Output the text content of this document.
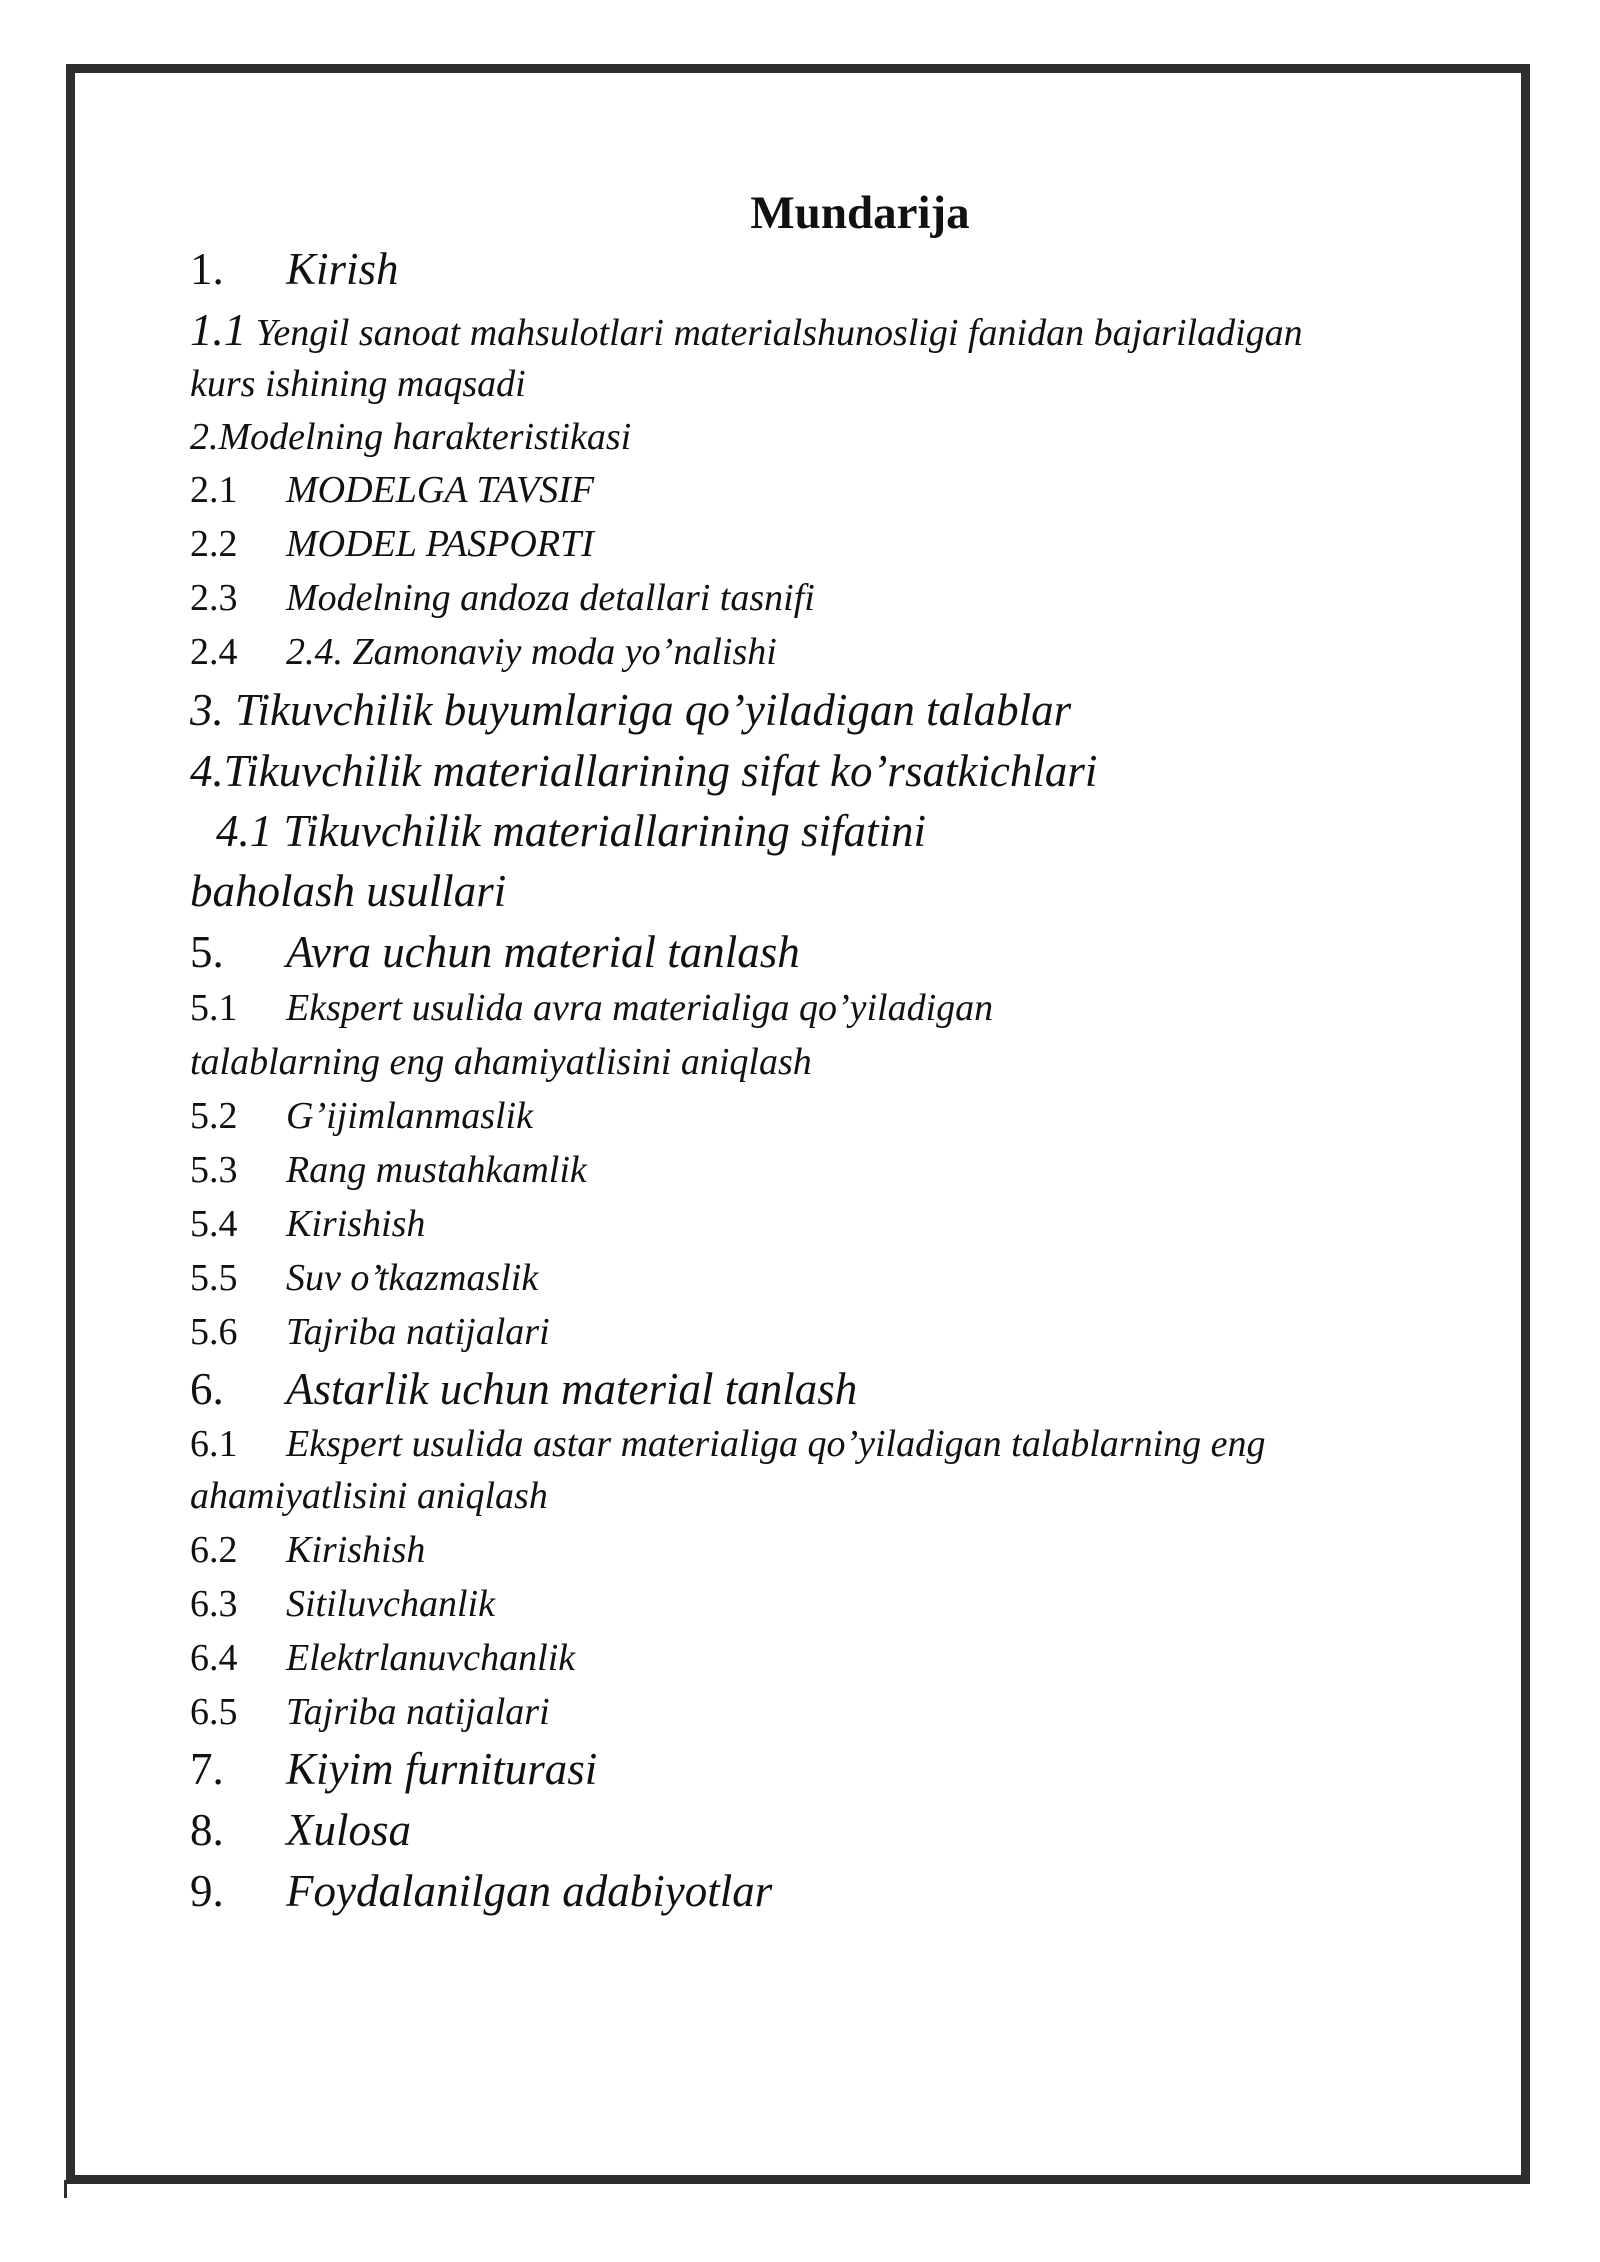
Mundarija
1. Kirish
1.1 Yengil sanoat mahsulotlari materialshunosligi fanidan bajariladigan
kurs ishining maqsadi
2.Modelning harakteristikasi
2.1 MODELGA TAVSIF
2.2 MODEL PASPORTI
2.3 Modelning andoza detallari tasnifi
2.4 2.4. Zamonaviy moda yo’nalishi
3. Tikuvchilik buyumlariga qo’yiladigan talablar
4.Tikuvchilik materiallarining sifat ko’rsatkichlari
4.1 Tikuvchilik materiallarining sifatini
baholash usullari
5. Avra uchun material tanlash
5.1 Ekspert usulida avra materialiga qo’yiladigan
talablarning eng ahamiyatlisini aniqlash
5.2 G’ijimlanmaslik
5.3 Rang mustahkamlik
5.4 Kirishish
5.5 Suv o’tkazmaslik
5.6 Tajriba natijalari
6. Astarlik uchun material tanlash
6.1 Ekspert usulida astar materialiga qo’yiladigan talablarning eng
ahamiyatlisini aniqlash
6.2 Kirishish
6.3 Sitiluvchanlik
6.4 Elektrlanuvchanlik
6.5 Tajriba natijalari
7. Kiyim furniturasi
8. Xulosa
9. Foydalanilgan adabiyotlar
